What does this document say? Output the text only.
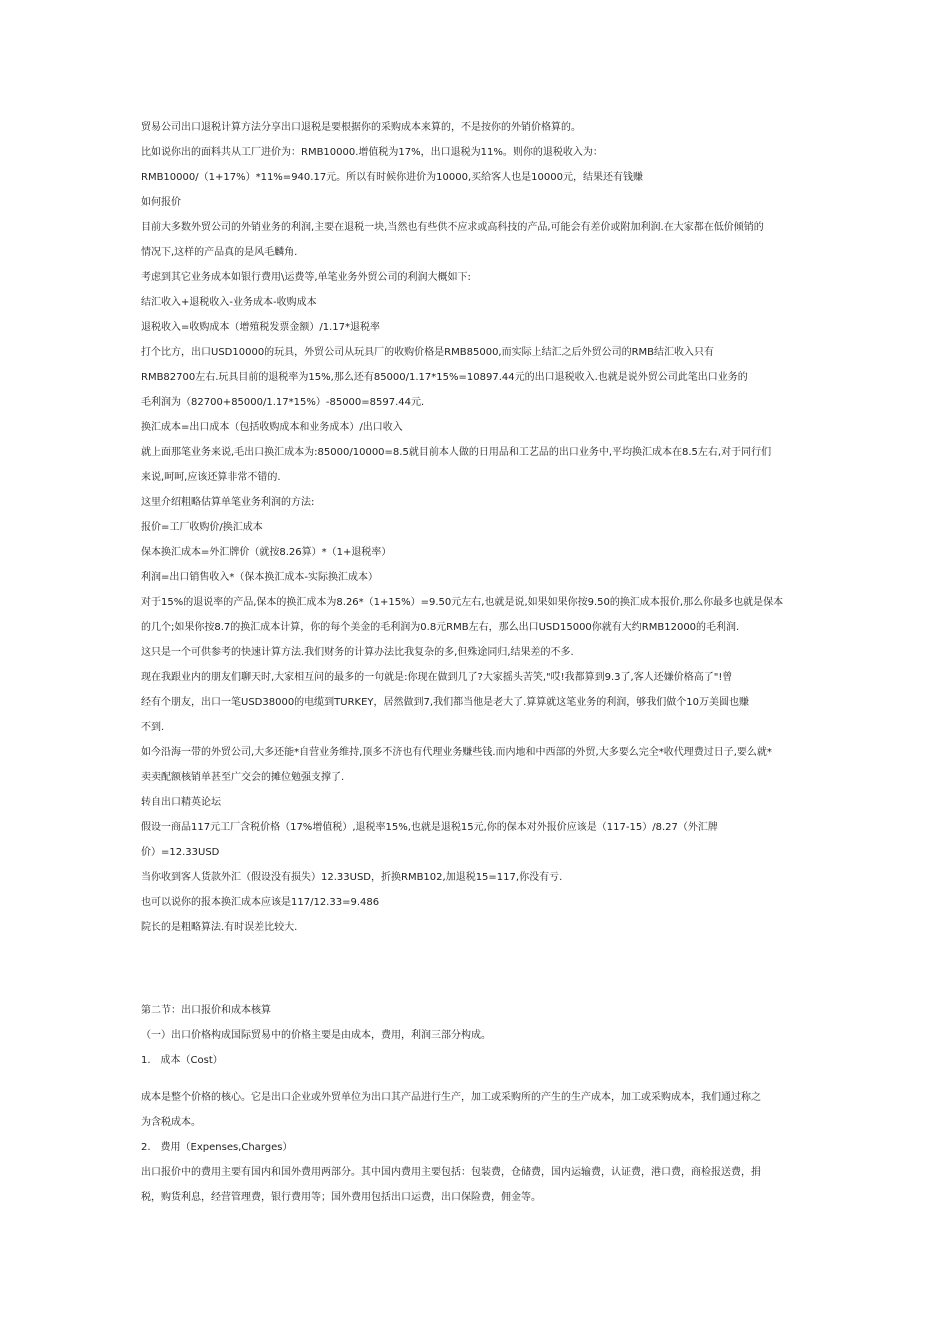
贸易公司出口退税计算方法分享出口退税是要根据你的采购成本来算的，不是按你的外销价格算的。

比如说你出的面料共从工厂进价为：RMB10000.增值税为17%，出口退税为11%。则你的退税收入为：

RMB10000/（1+17%）*11%=940.17元。所以有时候你进价为10000,买给客人也是10000元，结果还有钱赚

如何报价

目前大多数外贸公司的外销业务的利润,主要在退税一块,当然也有些供不应求或高科技的产品,可能会有差价或附加利润.在大家都在低价倾销的

情况下,这样的产品真的是风毛麟角.

考虑到其它业务成本如银行费用\运费等,单笔业务外贸公司的利润大概如下:

结汇收入+退税收入-业务成本-收购成本

退税收入=收购成本（增殖税发票金额）/1.17*退税率

打个比方，出口USD10000的玩具，外贸公司从玩具厂的收购价格是RMB85000,而实际上结汇之后外贸公司的RMB结汇收入只有

RMB82700左右.玩具目前的退税率为15%,那么还有85000/1.17*15%=10897.44元的出口退税收入.也就是说外贸公司此笔出口业务的

毛利润为（82700+85000/1.17*15%）-85000=8597.44元.

换汇成本=出口成本（包括收购成本和业务成本）/出口收入

就上面那笔业务来说,毛出口换汇成本为:85000/10000=8.5就目前本人做的日用品和工艺品的出口业务中,平均换汇成本在8.5左右,对于同行们

来说,呵呵,应该还算非常不错的.

这里介绍粗略估算单笔业务利润的方法:

报价=工厂收购价/换汇成本

保本换汇成本=外汇牌价（就按8.26算）*（1+退税率）

利润=出口销售收入*（保本换汇成本-实际换汇成本）

对于15%的退说率的产品,保本的换汇成本为8.26*（1+15%）=9.50元左右,也就是说,如果如果你按9.50的换汇成本报价,那么你最多也就是保本

的几个;如果你按8.7的换汇成本计算，你的每个美金的毛利润为0.8元RMB左右，那么出口USD15000你就有大约RMB12000的毛利润.

这只是一个可供参考的快速计算方法.我们财务的计算办法比我复杂的多,但殊途同归,结果差的不多.

现在我跟业内的朋友们聊天时,大家相互问的最多的一句就是:你现在做到几了?大家摇头苦笑,"哎!我都算到9.3了,客人还嫌价格高了"!曾

经有个朋友，出口一笔USD38000的电缆到TURKEY，居然做到7,我们都当他是老大了.算算就这笔业务的利润，够我们做个10万美圆也赚

不到.

如今沿海一带的外贸公司,大多还能*自营业务维持,顶多不济也有代理业务赚些钱.而内地和中西部的外贸,大多要么完全*收代理费过日子,要么就*

卖卖配额核销单甚至广交会的摊位勉强支撑了.

转自出口精英论坛

假设一商品117元工厂含税价格（17%增值税）,退税率15%,也就是退税15元,你的保本对外报价应该是（117-15）/8.27（外汇牌

价）=12.33USD

当你收到客人货款外汇（假设没有损失）12.33USD，折换RMB102,加退税15=117,你没有亏.

也可以说你的报本换汇成本应该是117/12.33=9.486

院长的是粗略算法.有时误差比较大.

第二节：出口报价和成本核算

（一）出口价格构成国际贸易中的价格主要是由成本，费用，利润三部分构成。

1.　成本（Cost）

成本是整个价格的核心。它是出口企业或外贸单位为出口其产品进行生产，加工或采购所的产生的生产成本，加工或采购成本，我们通过称之

为含税成本。

2.　费用（Expenses,Charges）

出口报价中的费用主要有国内和国外费用两部分。其中国内费用主要包括：包装费，仓储费，国内运输费，认证费，港口费，商检报送费，捐

税，购货利息，经营管理费，银行费用等；国外费用包括出口运费，出口保险费，佣金等。
